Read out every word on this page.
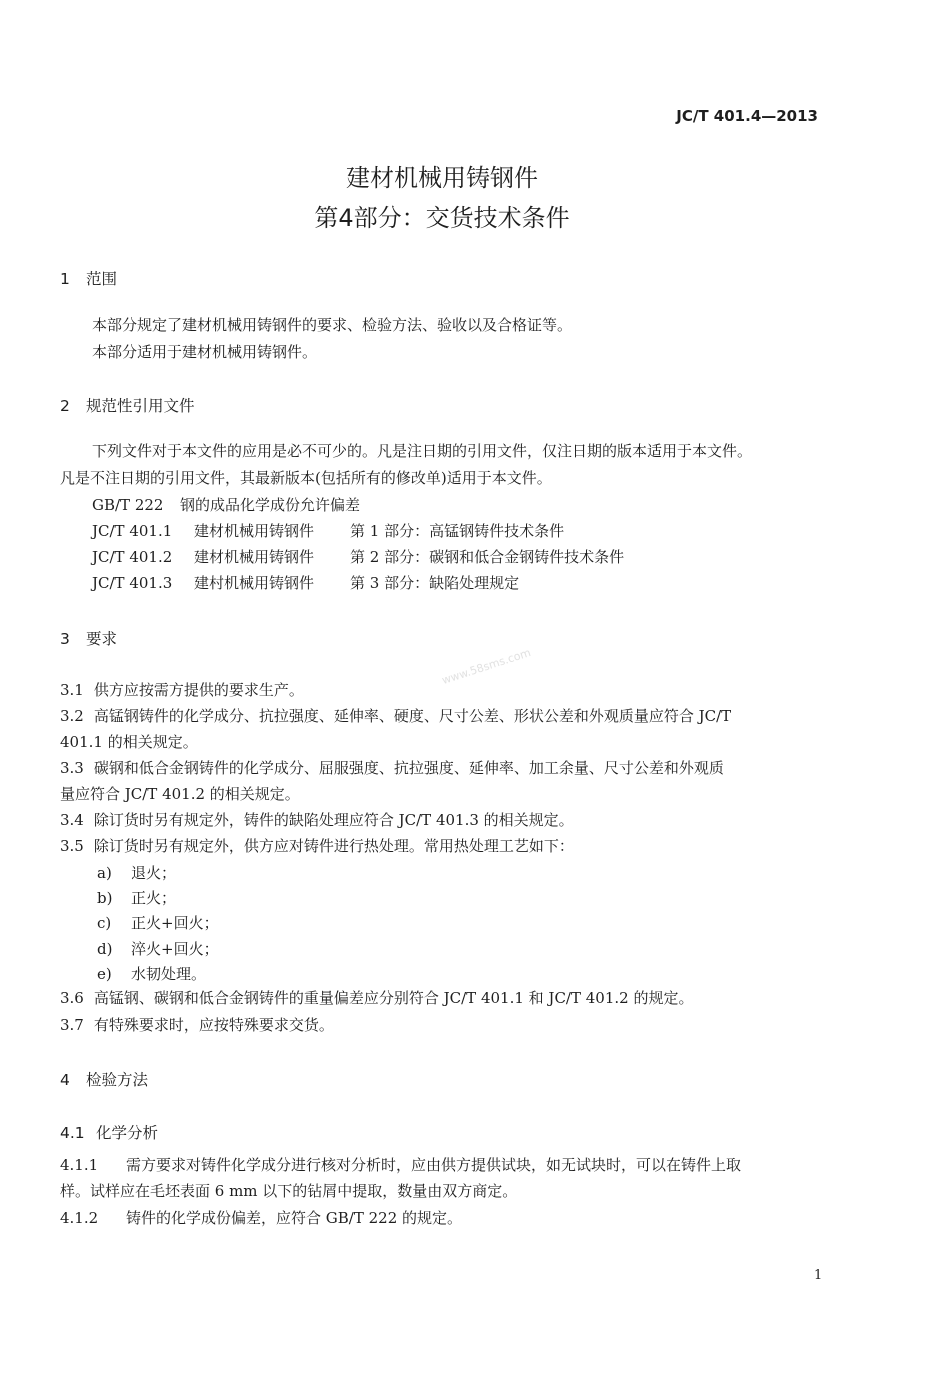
JC/T 401.4—2013
建材机械用铸钢件
第4部分：交货技术条件
1 范围
本部分规定了建材机械用铸钢件的要求、检验方法、验收以及合格证等。
本部分适用于建材机械用铸钢件。
2 规范性引用文件
下列文件对于本文件的应用是必不可少的。凡是注日期的引用文件，仅注日期的版本适用于本文件。
凡是不注日期的引用文件，其最新版本(包括所有的修改单)适用于本文件。
GB/T 222 钢的成品化学成份允许偏差
JC/T 401.1 建材机械用铸钢件 第 1 部分：高锰钢铸件技术条件
JC/T 401.2 建材机械用铸钢件 第 2 部分：碳钢和低合金钢铸件技术条件
JC/T 401.3 建村机械用铸钢件 第 3 部分：缺陷处理规定
3 要求
3.1 供方应按需方提供的要求生产。
3.2 高锰钢铸件的化学成分、抗拉强度、延伸率、硬度、尺寸公差、形状公差和外观质量应符合 JC/T
401.1 的相关规定。
3.3 碳钢和低合金钢铸件的化学成分、屈服强度、抗拉强度、延伸率、加工余量、尺寸公差和外观质
量应符合 JC/T 401.2 的相关规定。
3.4 除订货时另有规定外，铸件的缺陷处理应符合 JC/T 401.3 的相关规定。
3.5 除订货时另有规定外，供方应对铸件进行热处理。常用热处理工艺如下：
a) 退火；
b) 正火；
c) 正火+回火；
d) 淬火+回火；
e) 水韧处理。
3.6 高锰钢、碳钢和低合金钢铸件的重量偏差应分别符合 JC/T 401.1 和 JC/T 401.2 的规定。
3.7 有特殊要求时，应按特殊要求交货。
4 检验方法
4.1 化学分析
4.1.1 需方要求对铸件化学成分进行核对分析时，应由供方提供试块，如无试块时，可以在铸件上取
样。试样应在毛坯表面 6 mm 以下的钻屑中提取，数量由双方商定。
4.1.2 铸件的化学成份偏差，应符合 GB/T 222 的规定。
1
www.58sms.com
